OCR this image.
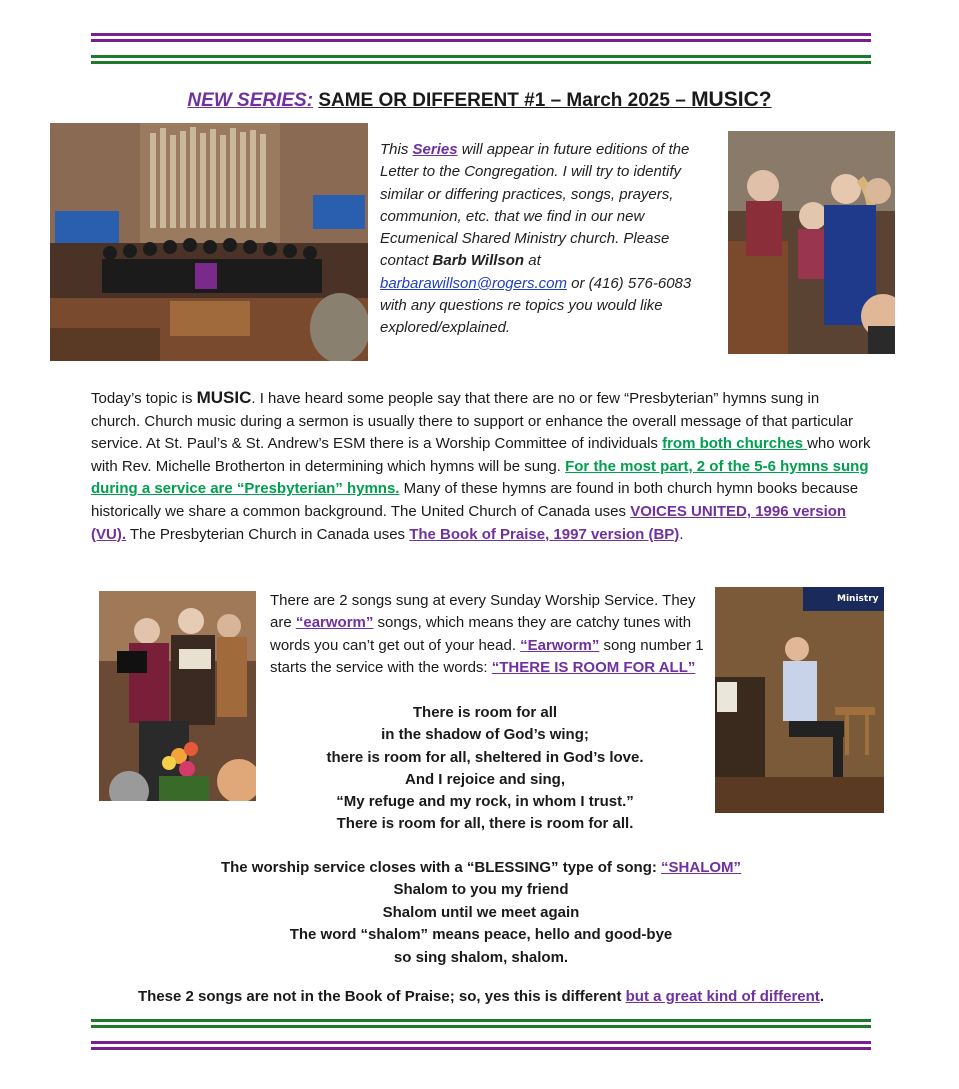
NEW SERIES: SAME OR DIFFERENT #1 – March 2025 – MUSIC?
This Series will appear in future editions of the Letter to the Congregation. I will try to identify similar or differing practices, songs, prayers, communion, etc. that we find in our new Ecumenical Shared Ministry church. Please contact Barb Willson at barbarawillson@rogers.com or (416) 576-6083 with any questions re topics you would like explored/explained.
Today’s topic is MUSIC. I have heard some people say that there are no or few “Presbyterian” hymns sung in church. Church music during a sermon is usually there to support or enhance the overall message of that particular service. At St. Paul’s & St. Andrew’s ESM there is a Worship Committee of individuals from both churches who work with Rev. Michelle Brotherton in determining which hymns will be sung. For the most part, 2 of the 5-6 hymns sung during a service are “Presbyterian” hymns. Many of these hymns are found in both church hymn books because historically we share a common background. The United Church of Canada uses VOICES UNITED, 1996 version (VU). The Presbyterian Church in Canada uses The Book of Praise, 1997 version (BP).
There are 2 songs sung at every Sunday Worship Service. They are “earworm” songs, which means they are catchy tunes with words you can’t get out of your head. “Earworm” song number 1 starts the service with the words: “THERE IS ROOM FOR ALL”
There is room for all
in the shadow of God’s wing;
there is room for all, sheltered in God’s love.
And I rejoice and sing,
“My refuge and my rock, in whom I trust.”
There is room for all, there is room for all.
Ministry
The worship service closes with a “BLESSING” type of song: “SHALOM”
Shalom to you my friend
Shalom until we meet again
The word “shalom” means peace, hello and good-bye
so sing shalom, shalom.
These 2 songs are not in the Book of Praise; so, yes this is different but a great kind of different.
